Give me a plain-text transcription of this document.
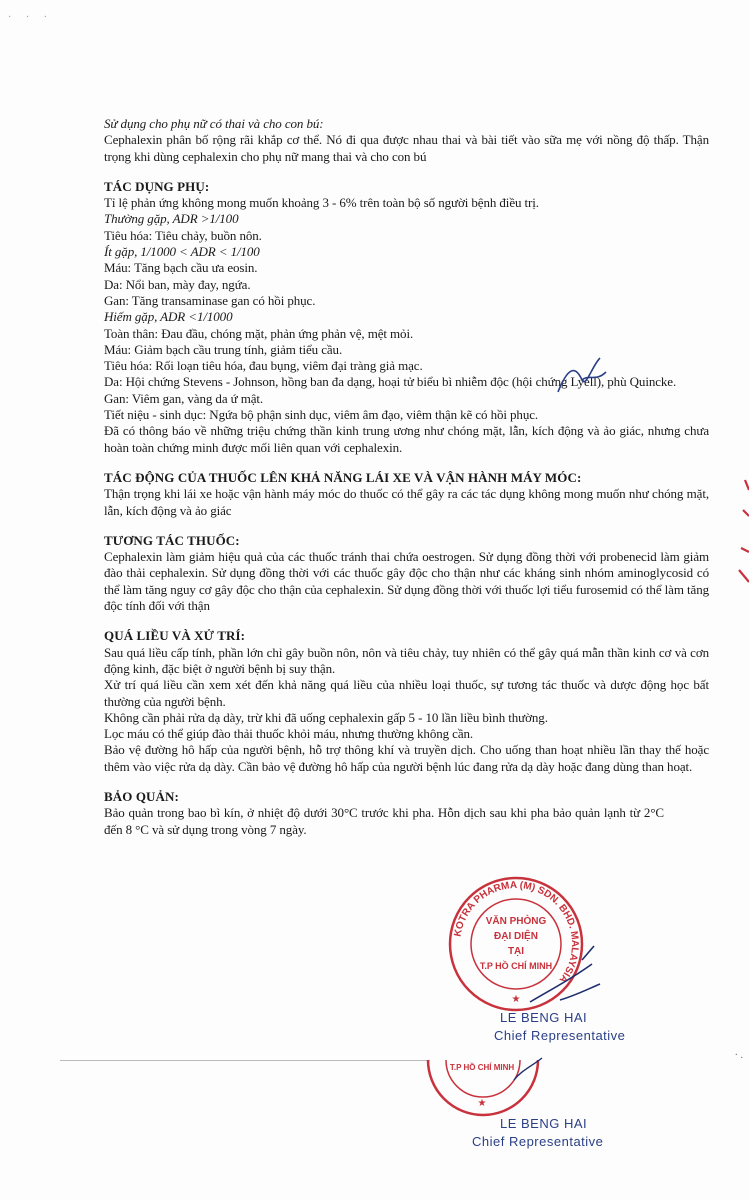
· · ·

Sử dụng cho phụ nữ có thai và cho con bú:

Cephalexin phân bố rộng rãi khắp cơ thể. Nó đi qua được nhau thai và bài tiết vào sữa mẹ với nồng độ thấp. Thận trọng khi dùng cephalexin cho phụ nữ mang thai và cho con bú

TÁC DỤNG PHỤ:

Tỉ lệ phản ứng không mong muốn khoảng 3 - 6% trên toàn bộ số người bệnh điều trị.

Thường gặp, ADR >1/100

Tiêu hóa: Tiêu chảy, buồn nôn.

Ít gặp, 1/1000 < ADR < 1/100

Máu: Tăng bạch cầu ưa eosin.

Da: Nổi ban, mày đay, ngứa.

Gan: Tăng transaminase gan có hồi phục.

Hiếm gặp, ADR <1/1000

Toàn thân: Đau đầu, chóng mặt, phản ứng phản vệ, mệt mỏi.

Máu: Giảm bạch cầu trung tính, giảm tiểu cầu.

Tiêu hóa: Rối loạn tiêu hóa, đau bụng, viêm đại tràng giả mạc.

Da: Hội chứng Stevens - Johnson, hồng ban đa dạng, hoại tử biểu bì nhiễm độc (hội chứng Lyell), phù Quincke.

Gan: Viêm gan, vàng da ứ mật.

Tiết niệu - sinh dục: Ngứa bộ phận sinh dục, viêm âm đạo, viêm thận kẽ có hồi phục.

Đã có thông báo về những triệu chứng thần kinh trung ương như chóng mặt, lẫn, kích động và ảo giác, nhưng chưa hoàn toàn chứng minh được mối liên quan với cephalexin.

TÁC ĐỘNG CỦA THUỐC LÊN KHẢ NĂNG LÁI XE VÀ VẬN HÀNH MÁY MÓC:

Thận trọng khi lái xe hoặc vận hành máy móc do thuốc có thể gây ra các tác dụng không mong muốn như chóng mặt, lẫn, kích động và ảo giác

TƯƠNG TÁC THUỐC:

Cephalexin làm giảm hiệu quả của các thuốc tránh thai chứa oestrogen. Sử dụng đồng thời với probenecid làm giảm đào thải cephalexin. Sử dụng đồng thời với các thuốc gây độc cho thận như các kháng sinh nhóm aminoglycosid có thể làm tăng nguy cơ gây độc cho thận của cephalexin. Sử dụng đồng thời với thuốc lợi tiểu furosemid có thể làm tăng độc tính đối với thận

QUÁ LIỀU VÀ XỬ TRÍ:

Sau quá liều cấp tính, phần lớn chỉ gây buồn nôn, nôn và tiêu chảy, tuy nhiên có thể gây quá mẫn thần kinh cơ và cơn động kinh, đặc biệt ở người bệnh bị suy thận.

Xử trí quá liều cần xem xét đến khả năng quá liều của nhiều loại thuốc, sự tương tác thuốc và dược động học bất thường của người bệnh.

Không cần phải rửa dạ dày, trừ khi đã uống cephalexin gấp 5 - 10 lần liều bình thường.

Lọc máu có thể giúp đào thải thuốc khỏi máu, nhưng thường không cần.

Bảo vệ đường hô hấp của người bệnh, hỗ trợ thông khí và truyền dịch. Cho uống than hoạt nhiều lần thay thế hoặc thêm vào việc rửa dạ dày. Cần bảo vệ đường hô hấp của người bệnh lúc đang rửa dạ dày hoặc đang dùng than hoạt.

BẢO QUẢN:

Bảo quản trong bao bì kín, ở nhiệt độ dưới 30°C trước khi pha. Hỗn dịch sau khi pha bảo quản lạnh từ 2°C đến 8 °C và sử dụng trong vòng 7 ngày.

KOTRA PHARMA (M) SDN. BHD. MALAYSIA
VĂN PHÒNG
ĐẠI DIỆN
TẠI
T.P HỒ CHÍ MINH
★
LE BENG HAI
Chief Representative
· .
T.P HỒ CHÍ MINH
★
LE BENG HAI
Chief Representative
